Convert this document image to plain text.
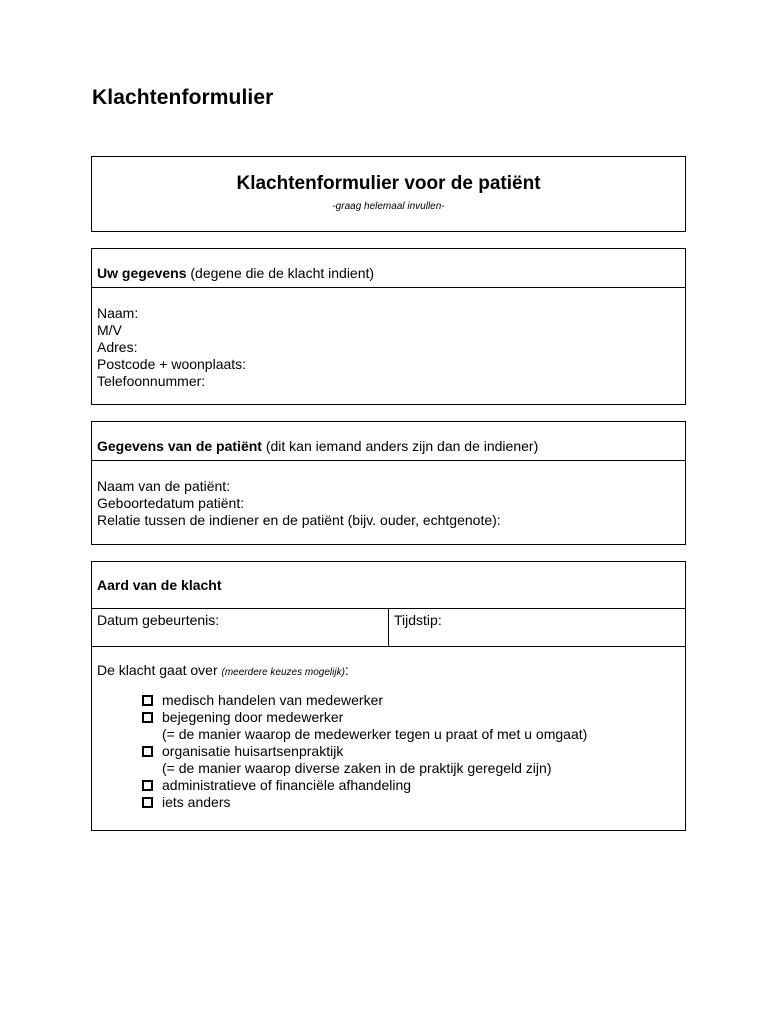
Klachtenformulier
Klachtenformulier voor de patiënt
-graag helemaal invullen-
Uw gegevens (degene die de klacht indient)
Naam:
M/V
Adres:
Postcode + woonplaats:
Telefoonnummer:
Gegevens van de patiënt (dit kan iemand anders zijn dan de indiener)
Naam van de patiënt:
Geboortedatum patiënt:
Relatie tussen de indiener en de patiënt (bijv. ouder, echtgenote):
Aard van de klacht
Datum gebeurtenis:	Tijdstip:
De klacht gaat over (meerdere keuzes mogelijk):
medisch handelen van medewerker
bejegening door medewerker
(= de manier waarop de medewerker tegen u praat of met u omgaat)
organisatie huisartsenpraktijk
(= de manier waarop diverse zaken in de praktijk geregeld zijn)
administratieve of financiële afhandeling
iets anders
